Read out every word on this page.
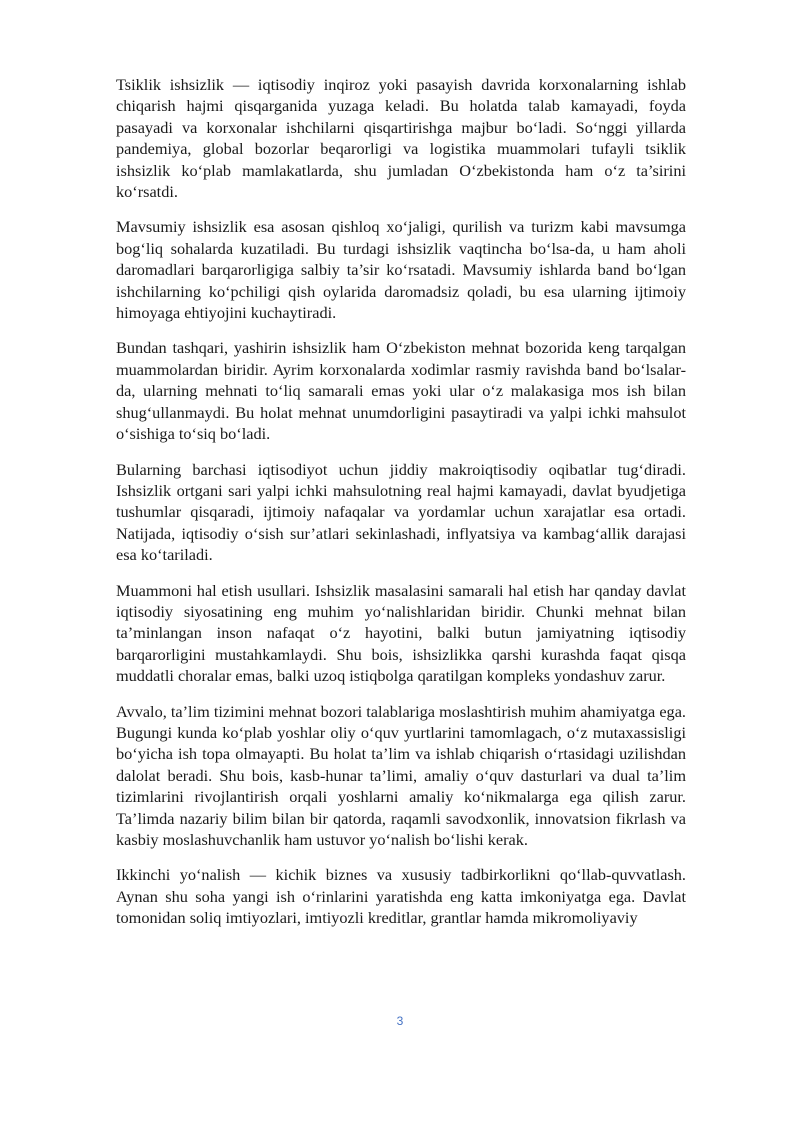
Tsiklik ishsizlik — iqtisodiy inqiroz yoki pasayish davrida korxonalarning ishlab chiqarish hajmi qisqarganida yuzaga keladi. Bu holatda talab kamayadi, foyda pasayadi va korxonalar ishchilarni qisqartirishga majbur bo‘ladi. So‘nggi yillarda pandemiya, global bozorlar beqarorligi va logistika muammolari tufayli tsiklik ishsizlik ko‘plab mamlakatlarda, shu jumladan O‘zbekistonda ham o‘z ta’sirini ko‘rsatdi.

Mavsumiy ishsizlik esa asosan qishloq xo‘jaligi, qurilish va turizm kabi mavsumga bog‘liq sohalarda kuzatiladi. Bu turdagi ishsizlik vaqtincha bo‘lsa-da, u ham aholi daromadlari barqarorligiga salbiy ta’sir ko‘rsatadi. Mavsumiy ishlarda band bo‘lgan ishchilarning ko‘pchiligi qish oylarida daromadsiz qoladi, bu esa ularning ijtimoiy himoyaga ehtiyojini kuchaytiradi.

Bundan tashqari, yashirin ishsizlik ham O‘zbekiston mehnat bozorida keng tarqalgan muammolardan biridir. Ayrim korxonalarda xodimlar rasmiy ravishda band bo‘lsalar-da, ularning mehnati to‘liq samarali emas yoki ular o‘z malakasiga mos ish bilan shug‘ullanmaydi. Bu holat mehnat unumdorligini pasaytiradi va yalpi ichki mahsulot o‘sishiga to‘siq bo‘ladi.

Bularning barchasi iqtisodiyot uchun jiddiy makroiqtisodiy oqibatlar tug‘diradi. Ishsizlik ortgani sari yalpi ichki mahsulotning real hajmi kamayadi, davlat byudjetiga tushumlar qisqaradi, ijtimoiy nafaqalar va yordamlar uchun xarajatlar esa ortadi. Natijada, iqtisodiy o‘sish sur’atlari sekinlashadi, inflyatsiya va kambag‘allik darajasi esa ko‘tariladi.

Muammoni hal etish usullari. Ishsizlik masalasini samarali hal etish har qanday davlat iqtisodiy siyosatining eng muhim yo‘nalishlaridan biridir. Chunki mehnat bilan ta’minlangan inson nafaqat o‘z hayotini, balki butun jamiyatning iqtisodiy barqarorligini mustahkamlaydi. Shu bois, ishsizlikka qarshi kurashda faqat qisqa muddatli choralar emas, balki uzoq istiqbolga qaratilgan kompleks yondashuv zarur.

Avvalo, ta’lim tizimini mehnat bozori talablariga moslashtirish muhim ahamiyatga ega. Bugungi kunda ko‘plab yoshlar oliy o‘quv yurtlarini tamomlagach, o‘z mutaxassisligi bo‘yicha ish topa olmayapti. Bu holat ta’lim va ishlab chiqarish o‘rtasidagi uzilishdan dalolat beradi. Shu bois, kasb-hunar ta’limi, amaliy o‘quv dasturlari va dual ta’lim tizimlarini rivojlantirish orqali yoshlarni amaliy ko‘nikmalarga ega qilish zarur. Ta’limda nazariy bilim bilan bir qatorda, raqamli savodxonlik, innovatsion fikrlash va kasbiy moslashuvchanlik ham ustuvor yo‘nalish bo‘lishi kerak.

Ikkinchi yo‘nalish — kichik biznes va xususiy tadbirkorlikni qo‘llab-quvvatlash. Aynan shu soha yangi ish o‘rinlarini yaratishda eng katta imkoniyatga ega. Davlat tomonidan soliq imtiyozlari, imtiyozli kreditlar, grantlar hamda mikromoliyaviy

3
